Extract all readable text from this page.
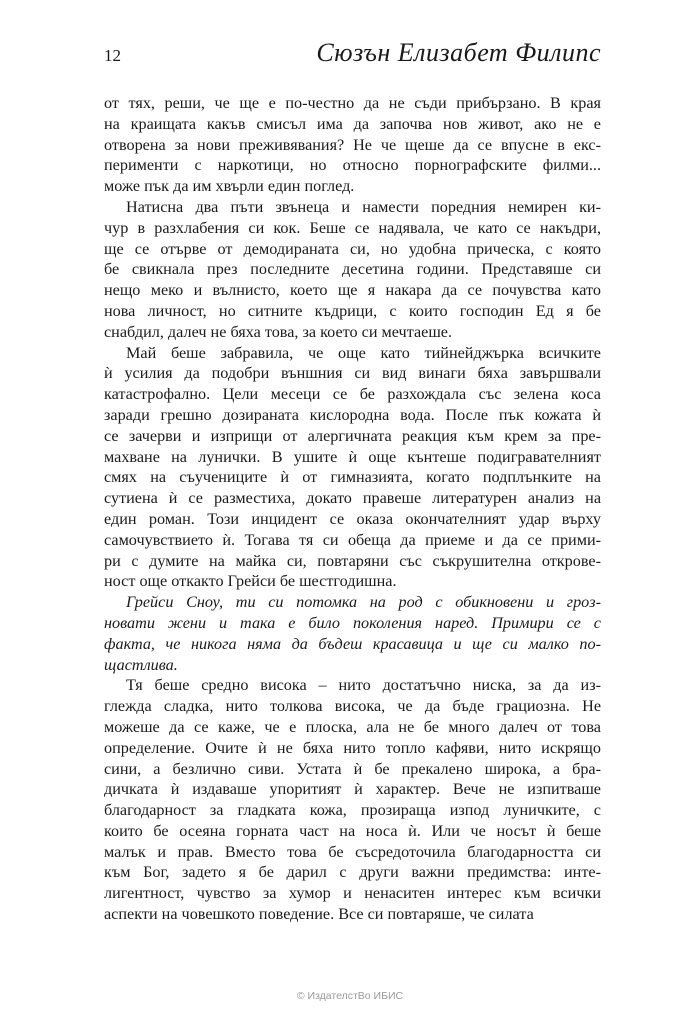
12	Сюзън Елизабет Филипс
от тях, реши, че ще е по-честно да не съди прибързано. В края
на краищата какъв смисъл има да започва нов живот, ако не е
отворена за нови преживявания? Не че щеше да се впусне в екс-
перименти с наркотици, но относно порнографските филми...
може пък да им хвърли един поглед.
Натисна два пъти звънеца и намести поредния немирен ки-
чур в разхлабения си кок. Беше се надявала, че като се накъдри,
ще се отърве от демодираната си, но удобна прическа, с която
бе свикнала през последните десетина години. Представяше си
нещо меко и вълнисто, което ще я накара да се почувства като
нова личност, но ситните къдрици, с които господин Ед я бе
снабдил, далеч не бяха това, за което си мечтаеше.
Май беше забравила, че още като тийнейджърка всичките
ѝ усилия да подобри външния си вид винаги бяха завършвали
катастрофално. Цели месеци се бе разхождала със зелена коса
заради грешно дозираната кислородна вода. После пък кожата ѝ
се зачерви и изприщи от алергичната реакция към крем за пре-
махване на лунички. В ушите ѝ още кънтеше подигравателният
смях на съучениците ѝ от гимназията, когато подплънките на
сутиена ѝ се разместиха, докато правеше литературен анализ на
един роман. Този инцидент се оказа окончателният удар върху
самочувствието ѝ. Тогава тя си обеща да приеме и да се прими-
ри с думите на майка си, повтаряни със съкрушителна открове-
ност още откакто Грейси бе шестгодишна.
Грейси Сноу, ти си потомка на род с обикновени и грoз-
новати жени и така е било поколения наред. Примири се с
факта, че никога няма да бъдеш красавица и ще си малко по-
щастлива.
Тя беше средно висока – нито достатъчно ниска, за да из-
глежда сладка, нито толкова висока, че да бъде грациозна. Не
можеше да се каже, че е плоска, ала не бе много далеч от това
определение. Очите ѝ не бяха нито топло кафяви, нито искрящо
сини, а безлично сиви. Устата ѝ бе прекалено широка, а бра-
дичката ѝ издаваше упоритият ѝ характер. Вече не изпитваше
благодарност за гладката кожа, прозираща изпод луничките, с
които бе осеяна горната част на носа ѝ. Или че носът ѝ беше
малък и прав. Вместо това бе съсредоточила благодарността си
към Бог, задето я бе дарил с други важни предимства: инте-
лигентност, чувство за хумор и ненаситен интерес към всички
аспекти на човешкото поведение. Все си повтаряше, че силата
© ИздателстВо ИБИС
